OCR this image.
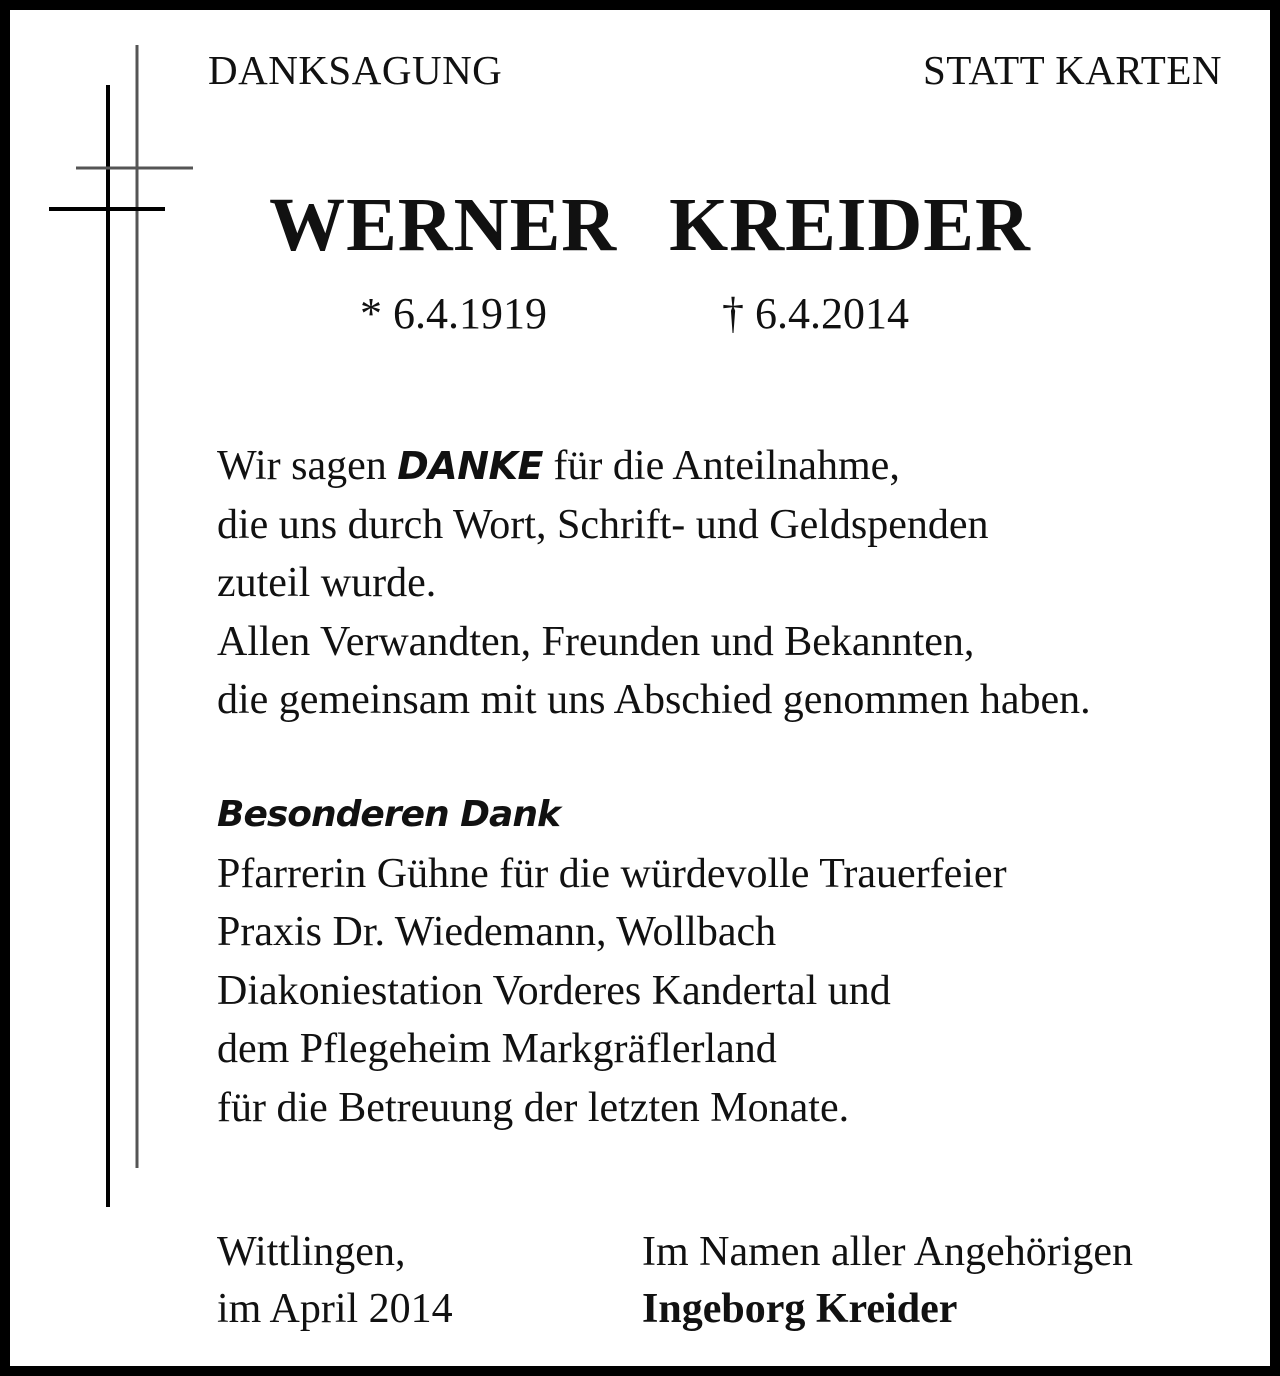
DANKSAGUNG	STATT KARTEN
WERNER KREIDER
* 6.4.1919	† 6.4.2014
Wir sagen DANKE für die Anteilnahme,
die uns durch Wort, Schrift- und Geldspenden
zuteil wurde.
Allen Verwandten, Freunden und Bekannten,
die gemeinsam mit uns Abschied genommen haben.
Besonderen Dank
Pfarrerin Gühne für die würdevolle Trauerfeier
Praxis Dr. Wiedemann, Wollbach
Diakoniestation Vorderes Kandertal und
dem Pflegeheim Markgräflerland
für die Betreuung der letzten Monate.
Wittlingen,
im April 2014
Im Namen aller Angehörigen
Ingeborg Kreider
